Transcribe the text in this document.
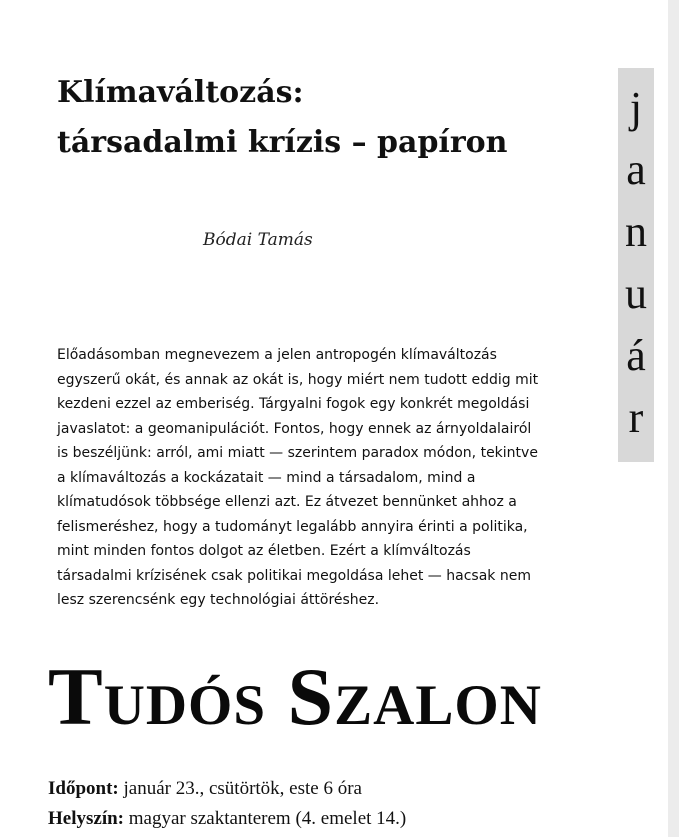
Klímaváltozás:
társadalmi krízis – papíron
Bódai Tamás

Előadásomban megnevezem a jelen antropogén klímaváltozás
egyszerű okát, és annak az okát is, hogy miért nem tudott eddig mit
kezdeni ezzel az emberiség. Tárgyalni fogok egy konkrét megoldási
javaslatot: a geomanipulációt. Fontos, hogy ennek az árnyoldalairól
is beszéljünk: arról, ami miatt — szerintem paradox módon, tekintve
a klímaváltozás a kockázatait — mind a társadalom, mind a
klímatudósok többsége ellenzi azt. Ez átvezet bennünket ahhoz a
felismeréshez, hogy a tudományt legalább annyira érinti a politika,
mint minden fontos dolgot az életben. Ezért a klímváltozás
társadalmi krízisének csak politikai megoldása lehet — hacsak nem
lesz szerencsénk egy technológiai áttöréshez.

j
a
n
u
á
r
Tudós Szalon
Időpont: január 23., csütörtök, este 6 óra
Helyszín: magyar szaktanterem (4. emelet 14.)
